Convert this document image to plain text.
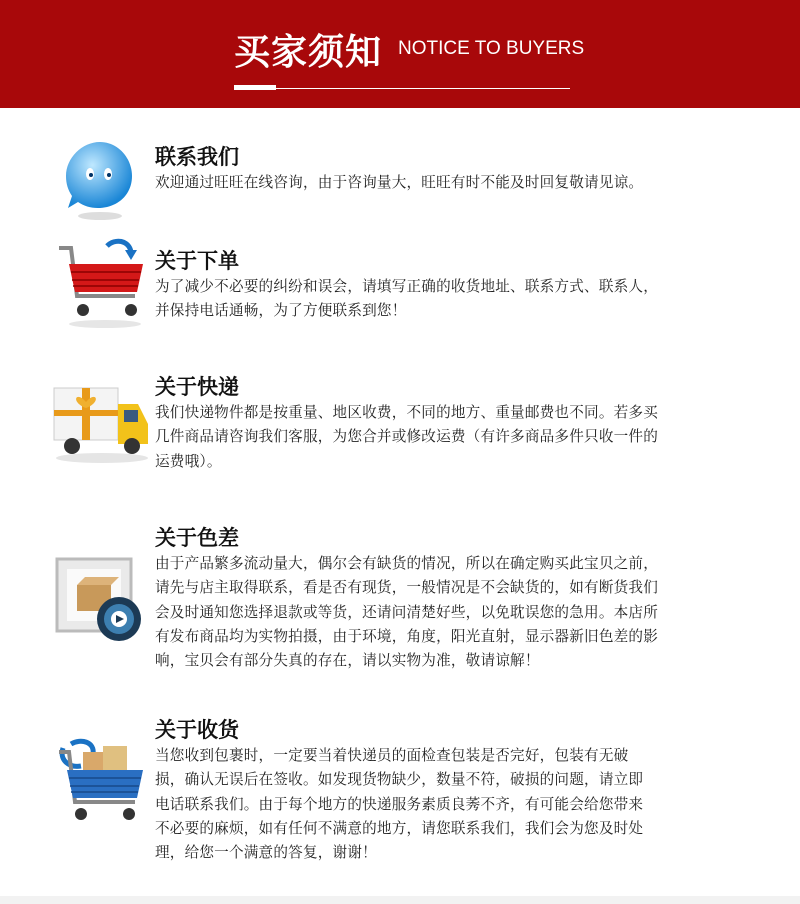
买家须知 NOTICE TO BUYERS
联系我们

欢迎通过旺旺在线咨询，由于咨询量大，旺旺有时不能及时回复敬请见谅。

关于下单

为了减少不必要的纠纷和误会，请填写正确的收货地址、联系方式、联系人，

并保持电话通畅，为了方便联系到您！

关于快递

我们快递物件都是按重量、地区收费，不同的地方、重量邮费也不同。若多买

几件商品请咨询我们客服，为您合并或修改运费（有许多商品多件只收一件的

运费哦）。

关于色差

由于产品繁多流动量大，偶尔会有缺货的情况，所以在确定购买此宝贝之前，

请先与店主取得联系，看是否有现货，一般情况是不会缺货的，如有断货我们

会及时通知您选择退款或等货，还请问清楚好些，以免耽误您的急用。本店所

有发布商品均为实物拍摄，由于环境，角度，阳光直射，显示器新旧色差的影

响，宝贝会有部分失真的存在，请以实物为准，敬请谅解！

关于收货

当您收到包裹时，一定要当着快递员的面检查包装是否完好，包装有无破

损，确认无误后在签收。如发现货物缺少，数量不符，破损的问题，请立即

电话联系我们。由于每个地方的快递服务素质良莠不齐，有可能会给您带来

不必要的麻烦，如有任何不满意的地方，请您联系我们，我们会为您及时处

理，给您一个满意的答复，谢谢！
